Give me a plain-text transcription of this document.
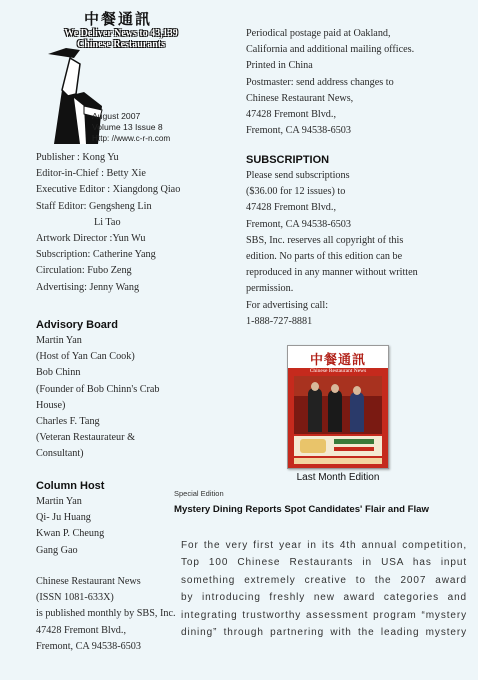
中餐通訊
We Deliver News to 43,139
Chinese Restaurants
August 2007
Volume 13 Issue 8
Http: //www.c-r-n.com
Publisher : Kong Yu
Editor-in-Chief : Betty Xie
Executive Editor : Xiangdong Qiao
Staff Editor: Gengsheng Lin
Li Tao
Artwork Director :Yun Wu
Subscription: Catherine Yang
Circulation: Fubo Zeng
Advertising: Jenny Wang
Advisory Board
Martin Yan
(Host of Yan Can Cook)
Bob Chinn
(Founder of Bob Chinn's Crab
House)
Charles F. Tang
(Veteran Restaurateur &
Consultant)
Column Host
Martin Yan
Qi- Ju Huang
Kwan P. Cheung
Gang Gao
Chinese Restaurant News
(ISSN 1081-633X)
is published monthly by SBS, Inc.
47428 Fremont Blvd.,
Fremont, CA 94538-6503
Periodical postage paid at Oakland,
California and additional mailing offices.
Printed in China
Postmaster: send address changes to
Chinese Restaurant News,
47428 Fremont Blvd.,
Fremont, CA 94538-6503
SUBSCRIPTION
Please send subscriptions
($36.00 for 12 issues) to
47428 Fremont Blvd.,
Fremont, CA 94538-6503
SBS, Inc. reserves all copyright of this
edition. No parts of this edition can be
reproduced in any manner without written
permission.
For advertising call:
1-888-727-8881
中餐通訊
Chinese Restaurant News
Last Month Edition
Special Edition
Mystery Dining Reports Spot Candidates' Flair and Flaw
For the very first year in its 4th annual competition,
Top 100 Chinese Restaurants in USA has input
something extremely creative to the 2007 award
by introducing freshly new award categories and
integrating trustworthy assessment program “mystery
dining” through partnering with the leading mystery
